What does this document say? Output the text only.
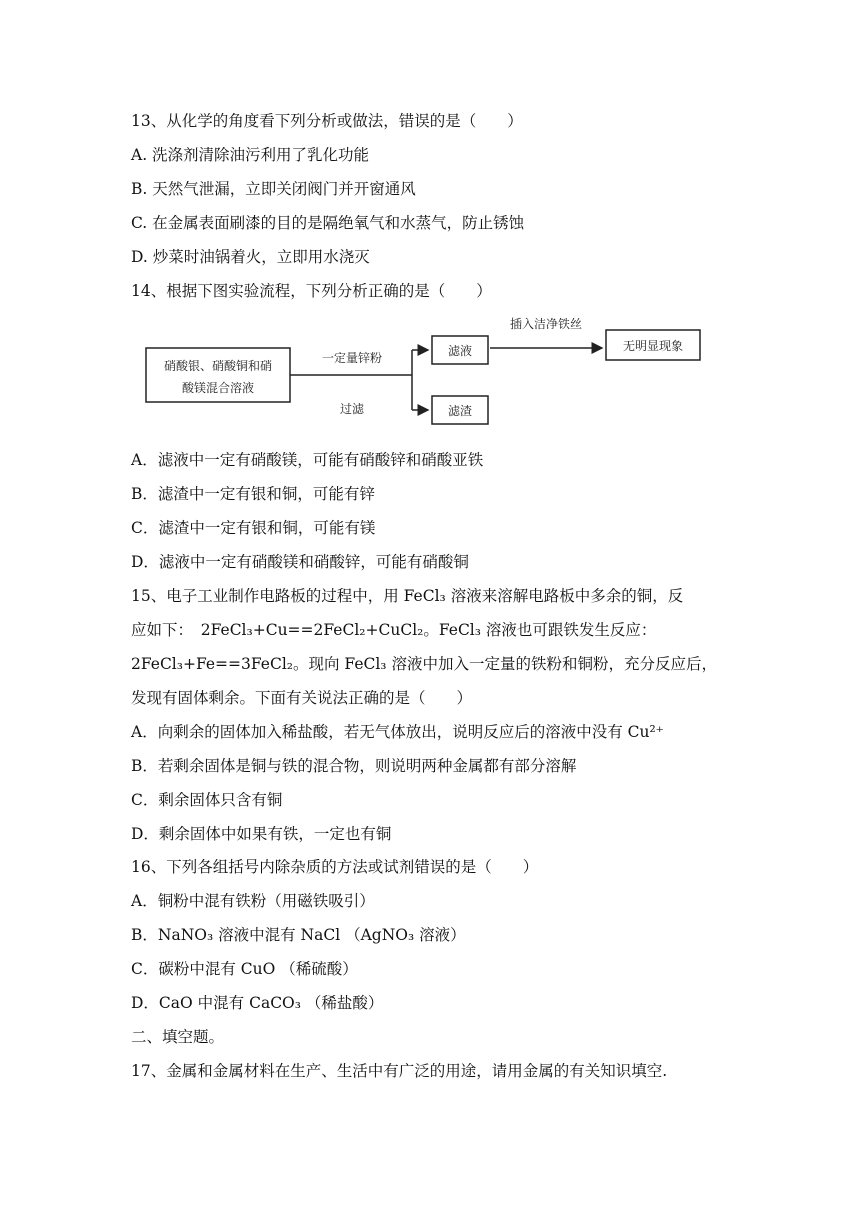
13、从化学的角度看下列分析或做法，错误的是（　　）
A. 洗涤剂清除油污利用了乳化功能
B. 天然气泄漏，立即关闭阀门并开窗通风
C. 在金属表面刷漆的目的是隔绝氧气和水蒸气，防止锈蚀
D. 炒菜时油锅着火，立即用水浇灭
14、根据下图实验流程，下列分析正确的是（　　）
硝酸银、硝酸铜和硝
酸镁混合溶液
一定量锌粉
过滤
滤液
滤渣
插入洁净铁丝
无明显现象
A．滤液中一定有硝酸镁，可能有硝酸锌和硝酸亚铁
B．滤渣中一定有银和铜，可能有锌
C．滤渣中一定有银和铜，可能有镁
D．滤液中一定有硝酸镁和硝酸锌，可能有硝酸铜
15、电子工业制作电路板的过程中，用 FeCl₃ 溶液来溶解电路板中多余的铜，反
应如下：　2FeCl₃+Cu==2FeCl₂+CuCl₂。FeCl₃ 溶液也可跟铁发生反应：
2FeCl₃+Fe==3FeCl₂。现向 FeCl₃ 溶液中加入一定量的铁粉和铜粉，充分反应后，
发现有固体剩余。下面有关说法正确的是（　　）
A．向剩余的固体加入稀盐酸，若无气体放出，说明反应后的溶液中没有 Cu²⁺
B．若剩余固体是铜与铁的混合物，则说明两种金属都有部分溶解
C．剩余固体只含有铜
D．剩余固体中如果有铁，一定也有铜
16、下列各组括号内除杂质的方法或试剂错误的是（　　）
A．铜粉中混有铁粉（用磁铁吸引）
B．NaNO₃ 溶液中混有 NaCl （AgNO₃ 溶液）
C．碳粉中混有 CuO （稀硫酸）
D．CaO 中混有 CaCO₃ （稀盐酸）
二、填空题。
17、金属和金属材料在生产、生活中有广泛的用途，请用金属的有关知识填空.
